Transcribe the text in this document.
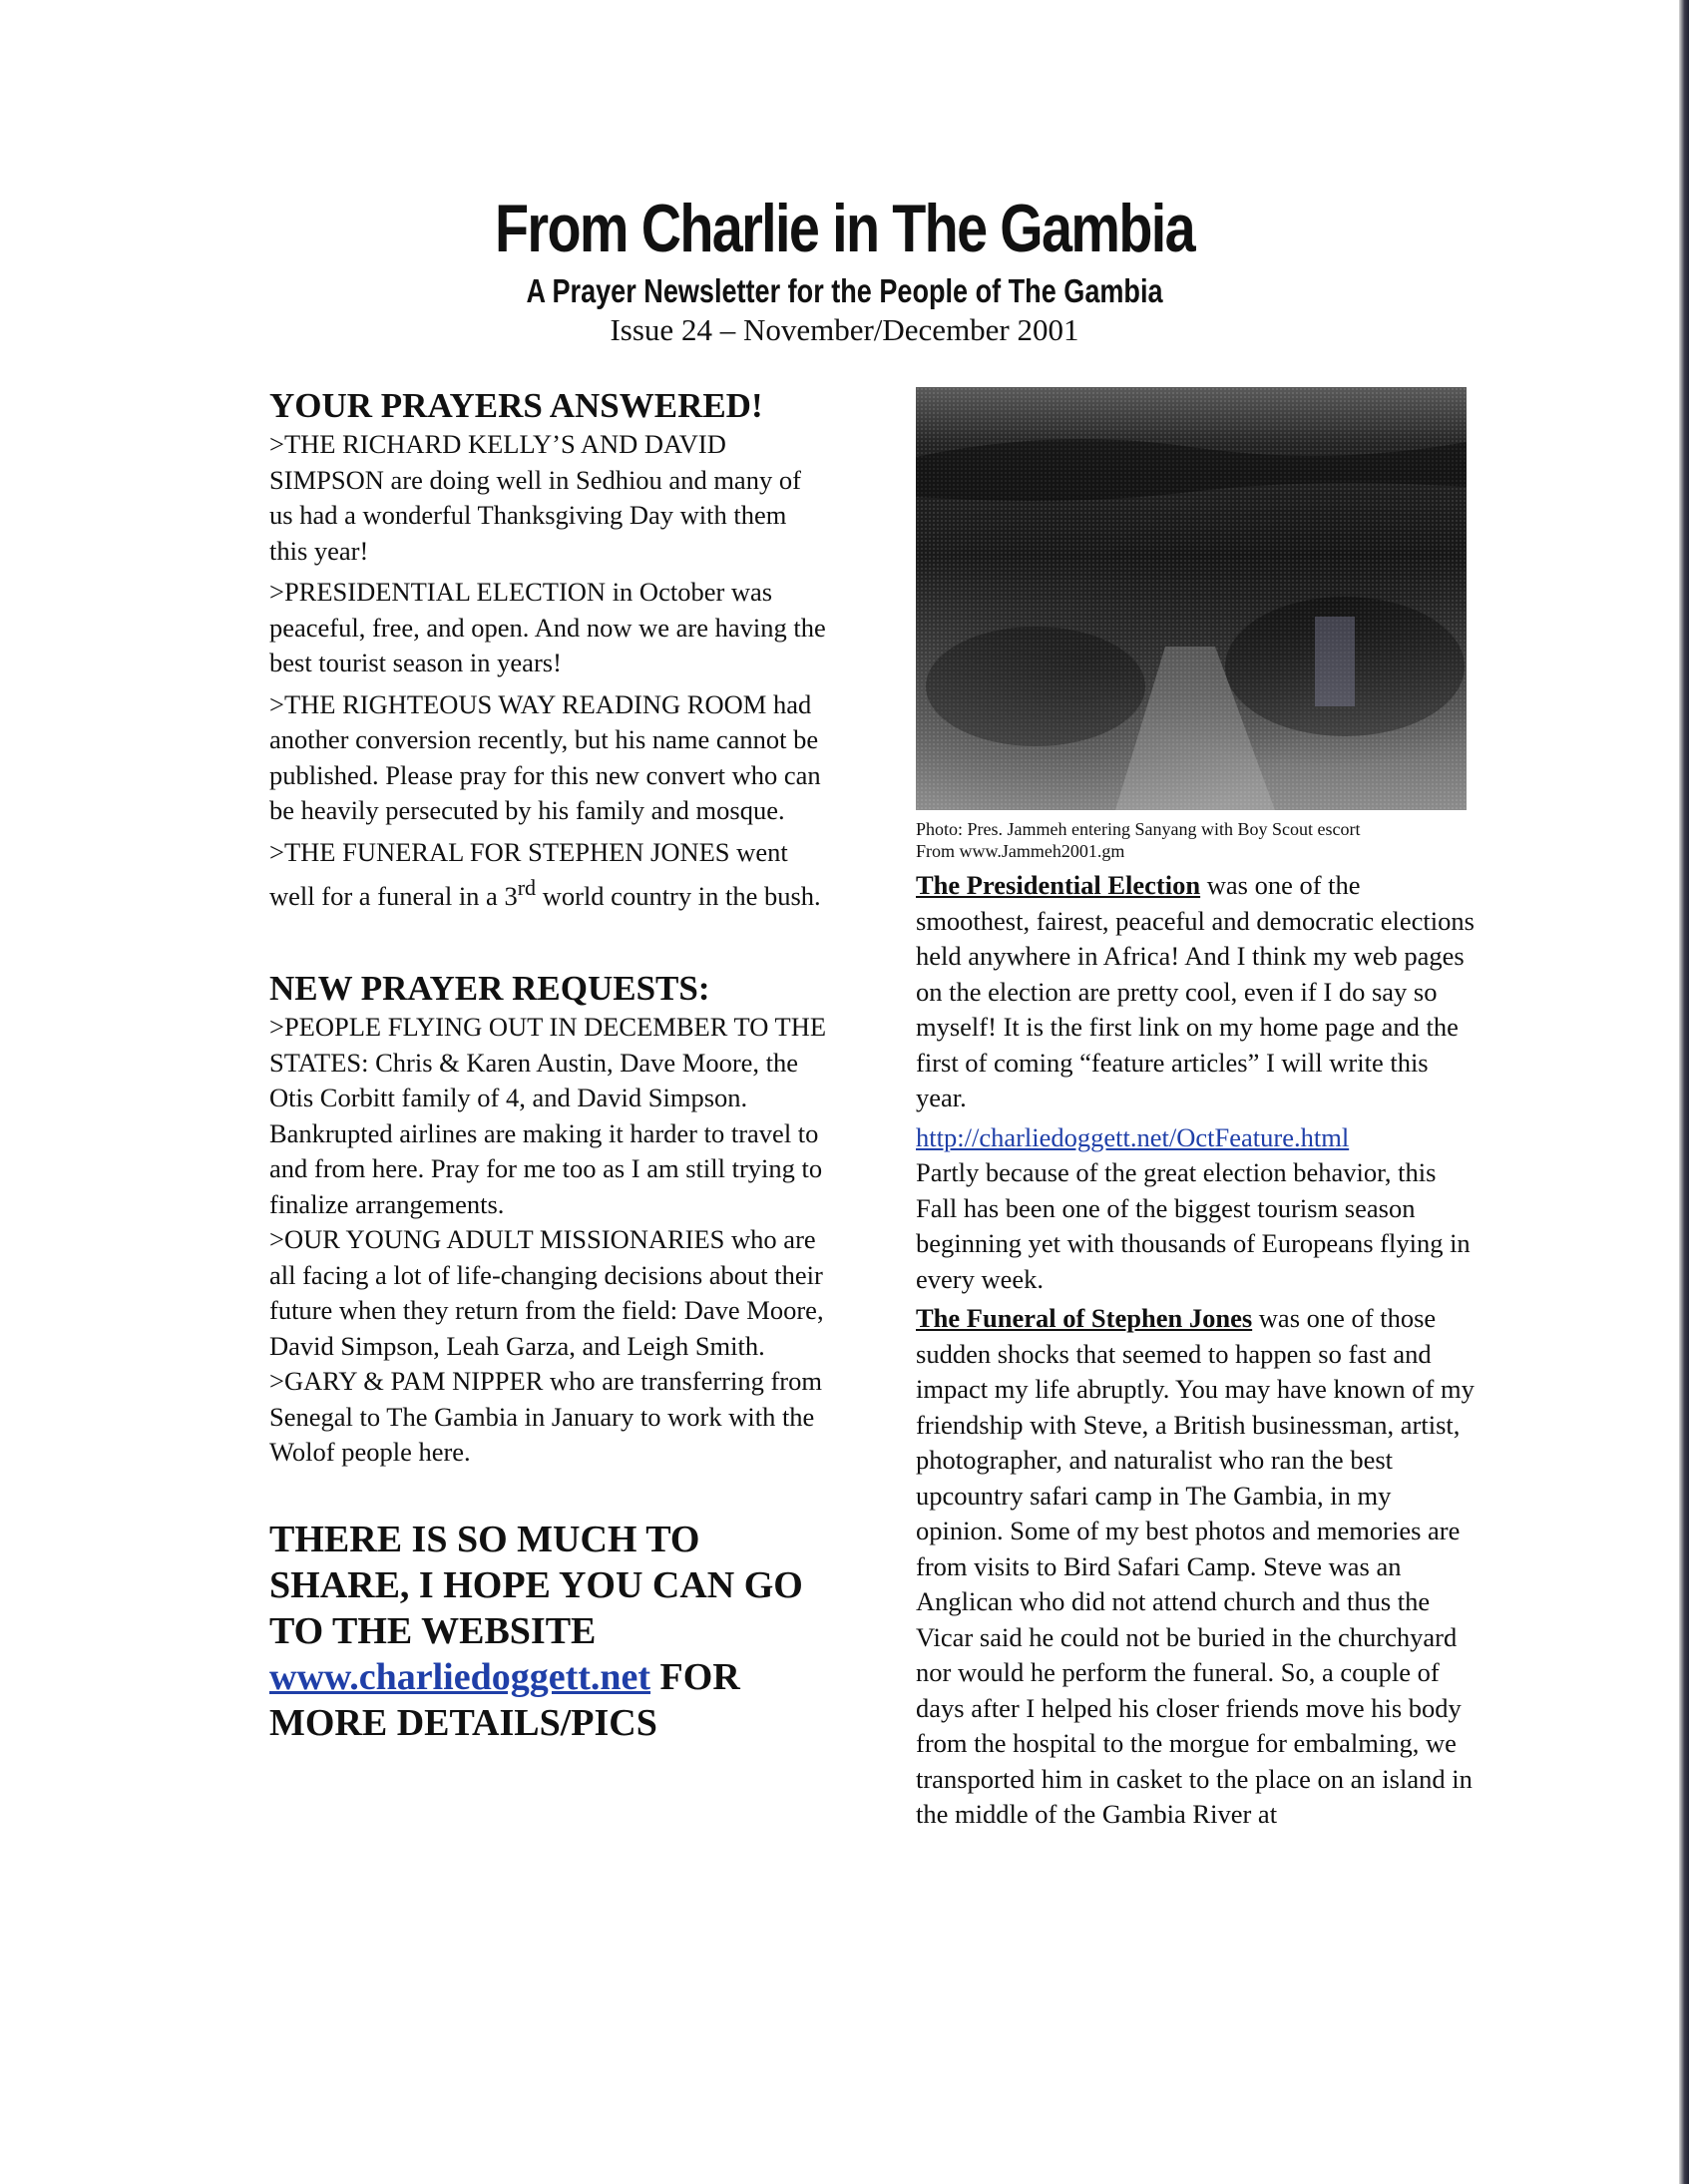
From Charlie in The Gambia
A Prayer Newsletter for the People of The Gambia
Issue 24 – November/December 2001
YOUR PRAYERS ANSWERED!

>THE RICHARD KELLY’S AND DAVID SIMPSON are doing well in Sedhiou and many of us had a wonderful Thanksgiving Day with them this year!

>PRESIDENTIAL ELECTION in October was peaceful, free, and open. And now we are having the best tourist season in years!

>THE RIGHTEOUS WAY READING ROOM had another conversion recently, but his name cannot be published. Please pray for this new convert who can be heavily persecuted by his family and mosque.

>THE FUNERAL FOR STEPHEN JONES went well for a funeral in a 3rd world country in the bush.

NEW PRAYER REQUESTS:

>PEOPLE FLYING OUT IN DECEMBER TO THE STATES: Chris & Karen Austin, Dave Moore, the Otis Corbitt family of 4, and David Simpson. Bankrupted airlines are making it harder to travel to and from here. Pray for me too as I am still trying to finalize arrangements.

>OUR YOUNG ADULT MISSIONARIES who are all facing a lot of life-changing decisions about their future when they return from the field: Dave Moore, David Simpson, Leah Garza, and Leigh Smith.

>GARY & PAM NIPPER who are transferring from Senegal to The Gambia in January to work with the Wolof people here.

THERE IS SO MUCH TO SHARE, I HOPE YOU CAN GO TO THE WEBSITE
www.charliedoggett.net FOR MORE DETAILS/PICS

Photo: Pres. Jammeh entering Sanyang with Boy Scout escort
From www.Jammeh2001.gm

The Presidential Election was one of the smoothest, fairest, peaceful and democratic elections held anywhere in Africa! And I think my web pages on the election are pretty cool, even if I do say so myself! It is the first link on my home page and the first of coming “feature articles” I will write this year.

http://charliedoggett.net/OctFeature.html

Partly because of the great election behavior, this Fall has been one of the biggest tourism season beginning yet with thousands of Europeans flying in every week.

The Funeral of Stephen Jones was one of those sudden shocks that seemed to happen so fast and impact my life abruptly. You may have known of my friendship with Steve, a British businessman, artist, photographer, and naturalist who ran the best upcountry safari camp in The Gambia, in my opinion. Some of my best photos and memories are from visits to Bird Safari Camp. Steve was an Anglican who did not attend church and thus the Vicar said he could not be buried in the churchyard nor would he perform the funeral. So, a couple of days after I helped his closer friends move his body from the hospital to the morgue for embalming, we transported him in casket to the place on an island in the middle of the Gambia River at
